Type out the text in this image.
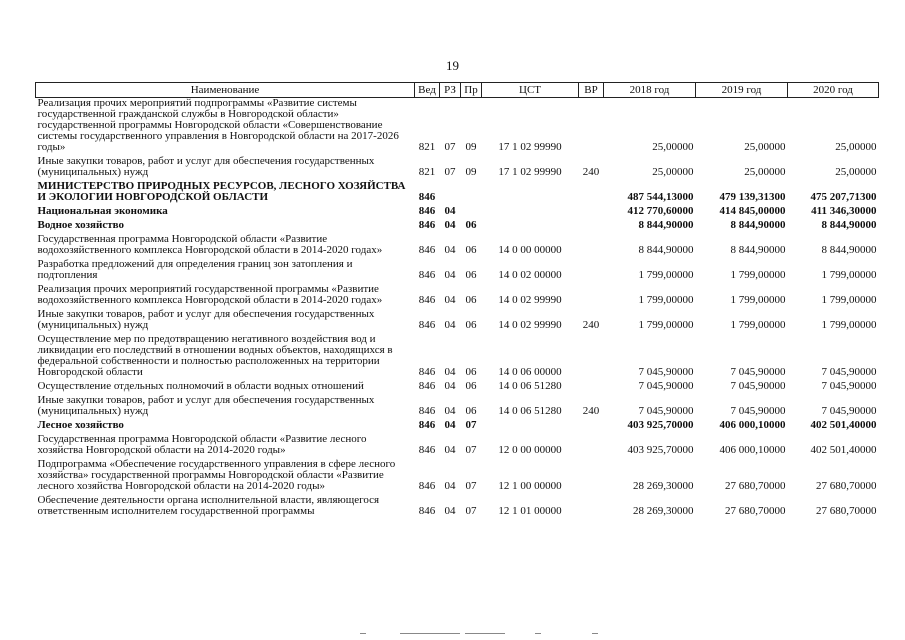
19
Наименование	Вед	РЗ	Пр	ЦСТ	ВР	2018 год	2019 год	2020 год
Реализация прочих мероприятий подпрограммы «Развитие системы государственной гражданской службы в Новгородской области» государственной программы Новгородской области «Совершенствование системы государственного управления в Новгородской области на 2017-2026 годы»	821	07	09	17 1 02 99990		25,00000	25,00000	25,00000
Иные закупки товаров, работ и услуг для обеспечения государственных (муниципальных) нужд	821	07	09	17 1 02 99990	240	25,00000	25,00000	25,00000
МИНИСТЕРСТВО ПРИРОДНЫХ РЕСУРСОВ, ЛЕСНОГО ХОЗЯЙСТВА И ЭКОЛОГИИ НОВГОРОДСКОЙ ОБЛАСТИ	846					487 544,13000	479 139,31300	475 207,71300
Национальная экономика	846	04				412 770,60000	414 845,00000	411 346,30000
Водное хозяйство	846	04	06			8 844,90000	8 844,90000	8 844,90000
Государственная программа Новгородской области «Развитие водохозяйственного комплекса Новгородской области в 2014-2020 годах»	846	04	06	14 0 00 00000		8 844,90000	8 844,90000	8 844,90000
Разработка предложений для определения границ зон затопления и подтопления	846	04	06	14 0 02 00000		1 799,00000	1 799,00000	1 799,00000
Реализация прочих мероприятий государственной программы «Развитие водохозяйственного комплекса Новгородской области в 2014-2020 годах»	846	04	06	14 0 02 99990		1 799,00000	1 799,00000	1 799,00000
Иные закупки товаров, работ и услуг для обеспечения государственных (муниципальных) нужд	846	04	06	14 0 02 99990	240	1 799,00000	1 799,00000	1 799,00000
Осуществление мер по предотвращению негативного воздействия вод и ликвидации его последствий в отношении водных объектов, находящихся в федеральной собственности и полностью расположенных на территории Новгородской области	846	04	06	14 0 06 00000		7 045,90000	7 045,90000	7 045,90000
Осуществление отдельных полномочий в области водных отношений	846	04	06	14 0 06 51280		7 045,90000	7 045,90000	7 045,90000
Иные закупки товаров, работ и услуг для обеспечения государственных (муниципальных) нужд	846	04	06	14 0 06 51280	240	7 045,90000	7 045,90000	7 045,90000
Лесное хозяйство	846	04	07			403 925,70000	406 000,10000	402 501,40000
Государственная программа Новгородской области «Развитие лесного хозяйства Новгородской области на 2014-2020 годы»	846	04	07	12 0 00 00000		403 925,70000	406 000,10000	402 501,40000
Подпрограмма «Обеспечение государственного управления в сфере лесного хозяйства» государственной программы Новгородской области «Развитие лесного хозяйства Новгородской области на 2014-2020 годы»	846	04	07	12 1 00 00000		28 269,30000	27 680,70000	27 680,70000
Обеспечение деятельности органа исполнительной власти, являющегося ответственным исполнителем государственной программы	846	04	07	12 1 01 00000		28 269,30000	27 680,70000	27 680,70000
